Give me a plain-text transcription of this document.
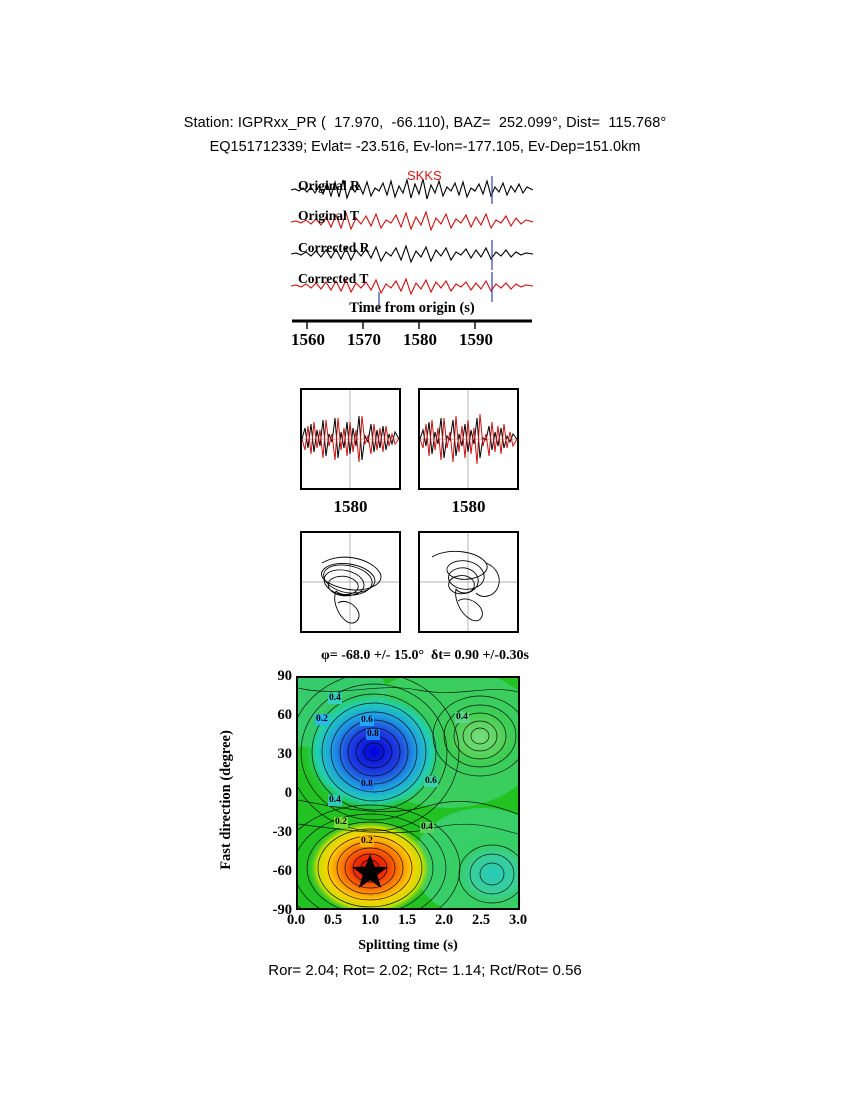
Station: IGPRxx_PR (  17.970,  -66.110), BAZ=  252.099°, Dist=  115.768°
EQ151712339; Evlat= -23.516, Ev-lon=-177.105, Ev-Dep=151.0km
Original R
Original T
Corrected R
Corrected T
SKKS
Time from origin (s)
1560	1570	1580	1590
1580	1580
φ= -68.0 +/- 15.0°  δt= 0.90 +/-0.30s
Fast direction (degree)
90
60
30
0
-30
-60
-90
0.4
0.2	0.6
0.8
0.4
0.8	0.6
0.4
0.2
0.2
0.4
0.0	0.5	1.0	1.5	2.0	2.5	3.0
Splitting time (s)
Ror= 2.04; Rot= 2.02; Rct= 1.14; Rct/Rot= 0.56
